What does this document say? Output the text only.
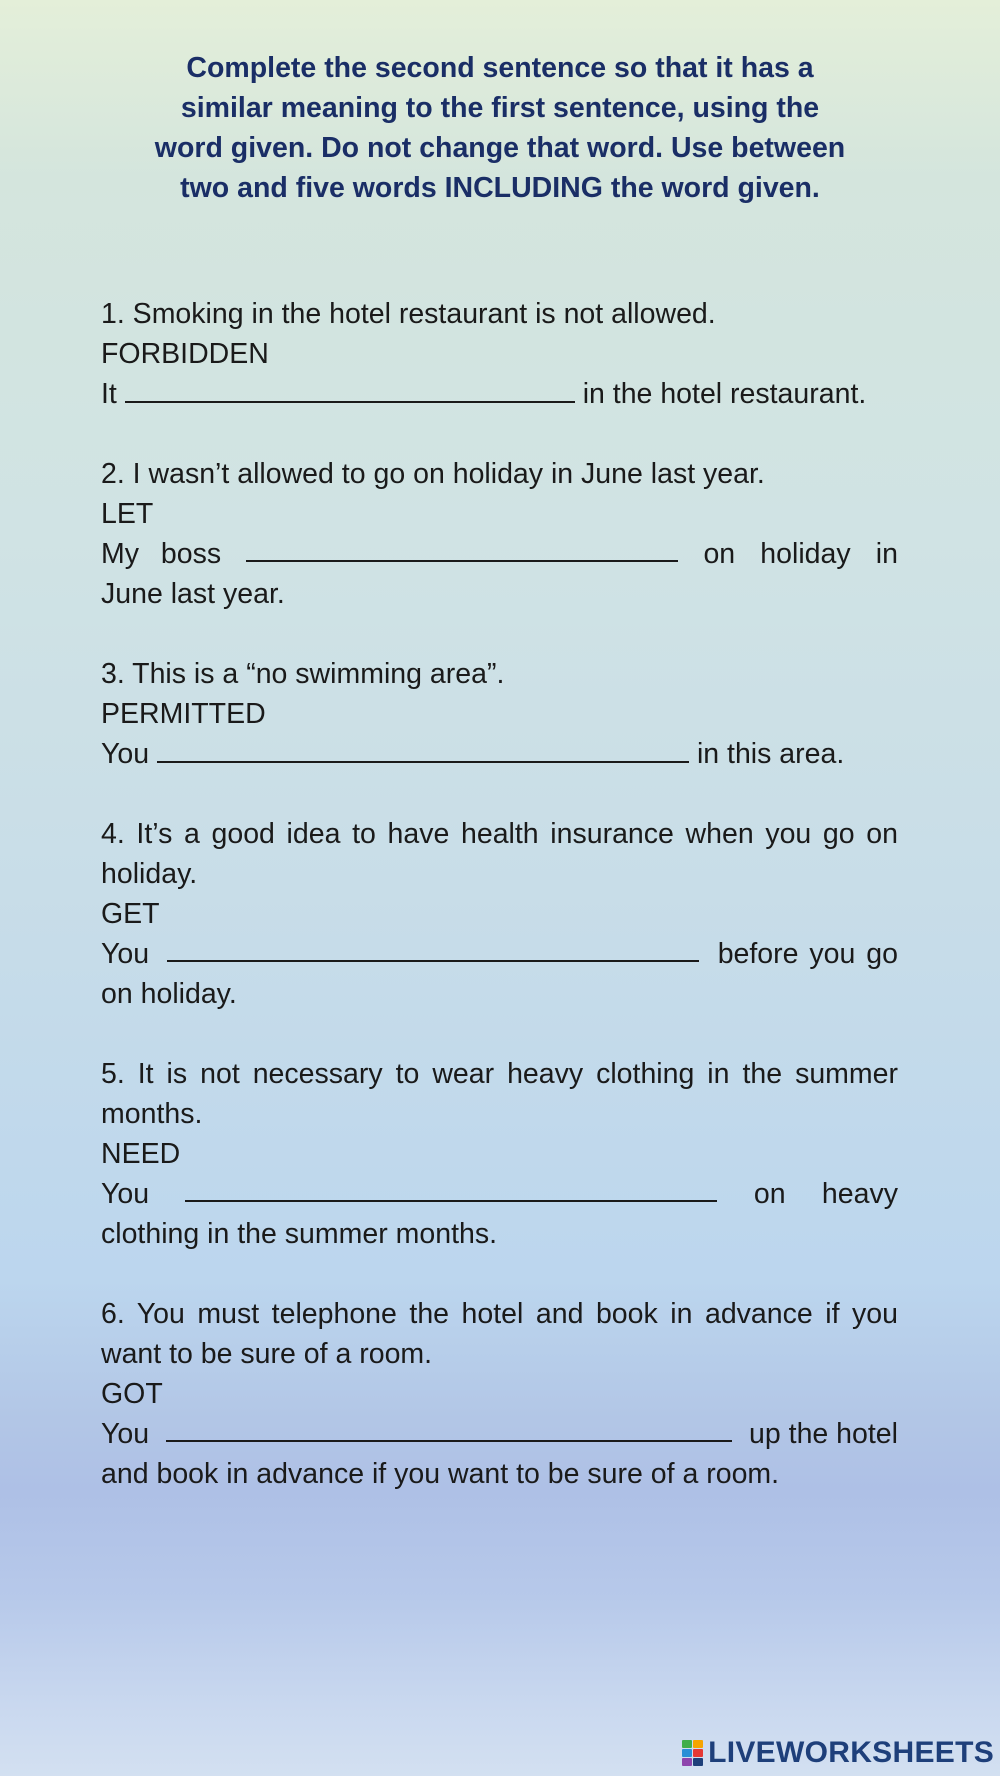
Complete the second sentence so that it has a
similar meaning to the first sentence, using the
word given. Do not change that word. Use between
two and five words INCLUDING the word given.
1. Smoking in the hotel restaurant is not allowed.
FORBIDDEN
It	in the hotel restaurant.
2. I wasn’t allowed to go on holiday in June last year.
LET
My boss	on holiday in
June last year.
3. This is a “no swimming area”.
PERMITTED
You	in this area.
4. It’s a good idea to have health insurance when you go on holiday.
GET
You	before you go
on holiday.
5. It is not necessary to wear heavy clothing in the summer months.
NEED
You	on heavy
clothing in the summer months.
6. You must telephone the hotel and book in advance if you want to be sure of a room.
GOT
You	up the hotel
and book in advance if you want to be sure of a room.
LIVEWORKSHEETS
